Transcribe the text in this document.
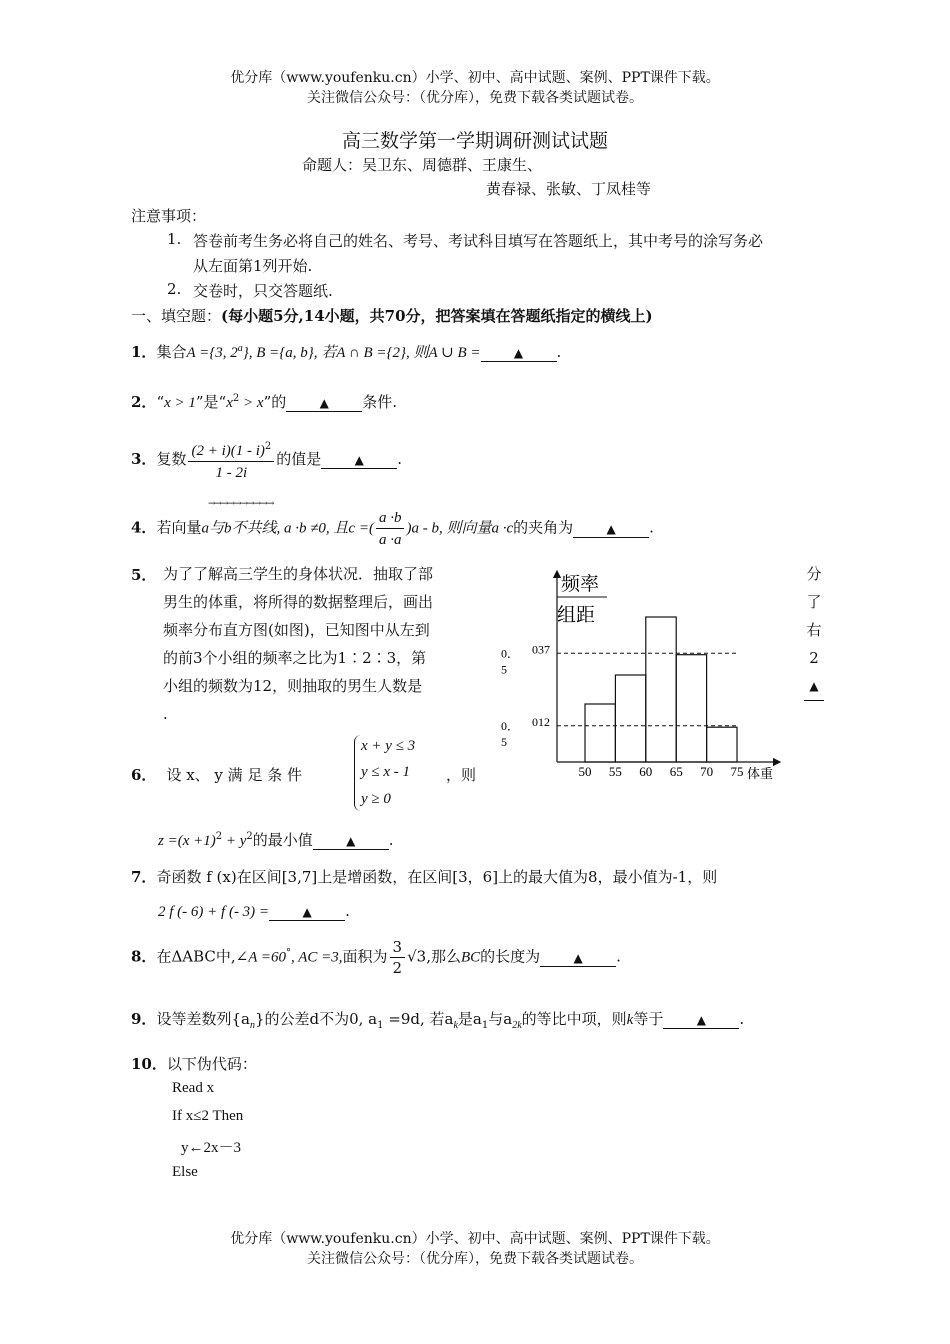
优分库（www.youfenku.cn）小学、初中、高中试题、案例、PPT课件下载。
关注微信公众号：（优分库），免费下载各类试题试卷。
高三数学第一学期调研测试试题
命题人：吴卫东、周德群、王康生、
黄春禄、张敏、丁凤桂等
注意事项：
1. 答卷前考生务必将自己的姓名、考号、考试科目填写在答题纸上，其中考号的涂写务必
从左面第1列开始.
2. 交卷时，只交答题纸.
一、填空题：(每小题5分,14小题，共70分，把答案填在答题纸指定的横线上)
1．集合A ={3, 2$^a$}, B ={a, b}, 若A ∩ B ={2}, 则A ∪ B =	▲ .
2．“x > 1”是“$x^2 > x$”的	▲ 条件.
3．复数 $\frac{(2 + i)(1 - i)^2}{1 - 2i}$ 的值是	▲ .
→→→→→→→→→→
4．若向量a与b不共线, a ·b ≠0, 且c =( $\frac{a \cdot b}{a \cdot a} )a$ - b, 则向量a ·c的夹角为	▲ .
5． 为了了解高三学生的身体状况．抽取了部
男生的体重，将所得的数据整理后，画出
频率分布直方图(如图)，已知图中从左到
的前3个小组的频率之比为1∶2∶3，第
小组的频数为12，则抽取的男生人数是
.
分
了
右
2
▲
频率
组距
50 55 60 65 70 75 体重
0． 037
5
0． 012
5
6． 设 x、 y 满 足 条 件
x + y ≤ 3
y ≤ x - 1
y ≥ 0
，则
$z =(x +1)^2 + y^2$的最小值	▲ .
7．奇函数 f (x)在区间[3,7]上是增函数，在区间[3，6]上的最大值为8，最小值为-1，则
2 f (- 6) + f (- 3) =	▲ .
8．在ΔABC中,∠A =60°, AC =3,面积为 $\frac{3}{2} √3$,那么BC的长度为	▲ .
9．设等差数列$\{a_n\}$的公差d不为0, $a_1 =9d$, 若$a_k$是$a_1$与$a_{2k}$的等比中项，则k等于	▲ .
10．以下伪代码：
Read x
If x≤2 Then
y←2x－3
Else
优分库（www.youfenku.cn）小学、初中、高中试题、案例、PPT课件下载。
关注微信公众号：（优分库），免费下载各类试题试卷。
